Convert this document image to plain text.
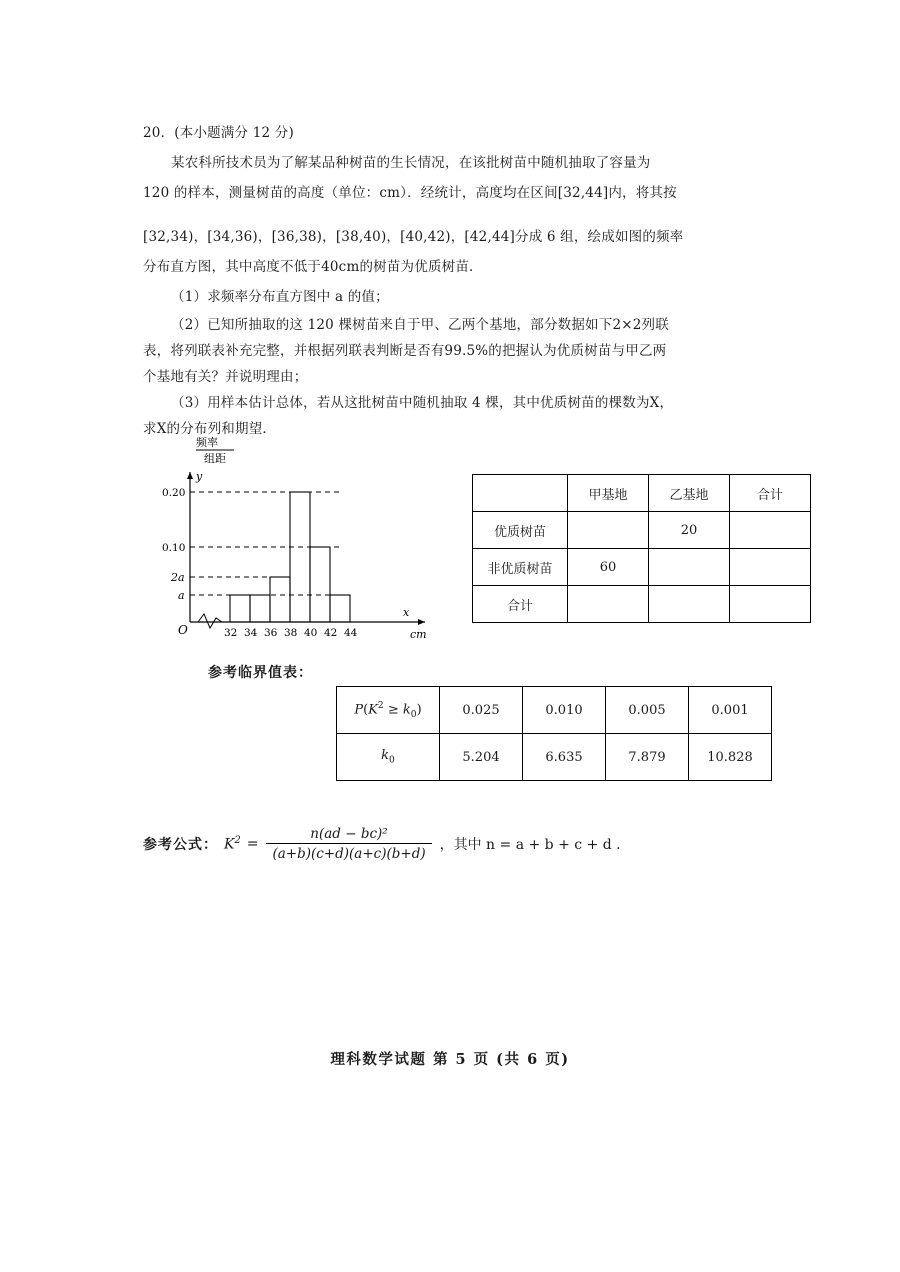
20．(本小题满分 12 分)
某农科所技术员为了解某品种树苗的生长情况，在该批树苗中随机抽取了容量为
120 的样本，测量树苗的高度（单位：cm）．经统计，高度均在区间[32,44]内，将其按
[32,34)，[34,36)，[36,38)，[38,40)，[40,42)，[42,44]分成 6 组，绘成如图的频率
分布直方图，其中高度不低于40cm的树苗为优质树苗．
（1）求频率分布直方图中 a 的值；
（2）已知所抽取的这 120 棵树苗来自于甲、乙两个基地，部分数据如下2×2列联
表，将列联表补充完整，并根据列联表判断是否有99.5%的把握认为优质树苗与甲乙两
个基地有关？并说明理由；
（3）用样本估计总体，若从这批树苗中随机抽取 4 棵，其中优质树苗的棵数为X，
求X的分布列和期望．
频率
组距
y
x
O	cm
0.20
0.10
2a
a
32 34 36 38 40 42 44
	甲基地	乙基地	合计
优质树苗		20	
非优质树苗	60		
合计			
参考临界值表：
$P(K^2 \ge k_0)$	0.025	0.010	0.005	0.001
$k_0$	5.204	6.635	7.879	10.828
参考公式： $K^2 = \frac{\text{n(ad − bc)²}}{(a+b)(c+d)(a+c)(b+d)}$ ，其中 n = a + b + c + d ．
理科数学试题 第 5 页 (共 6 页)
